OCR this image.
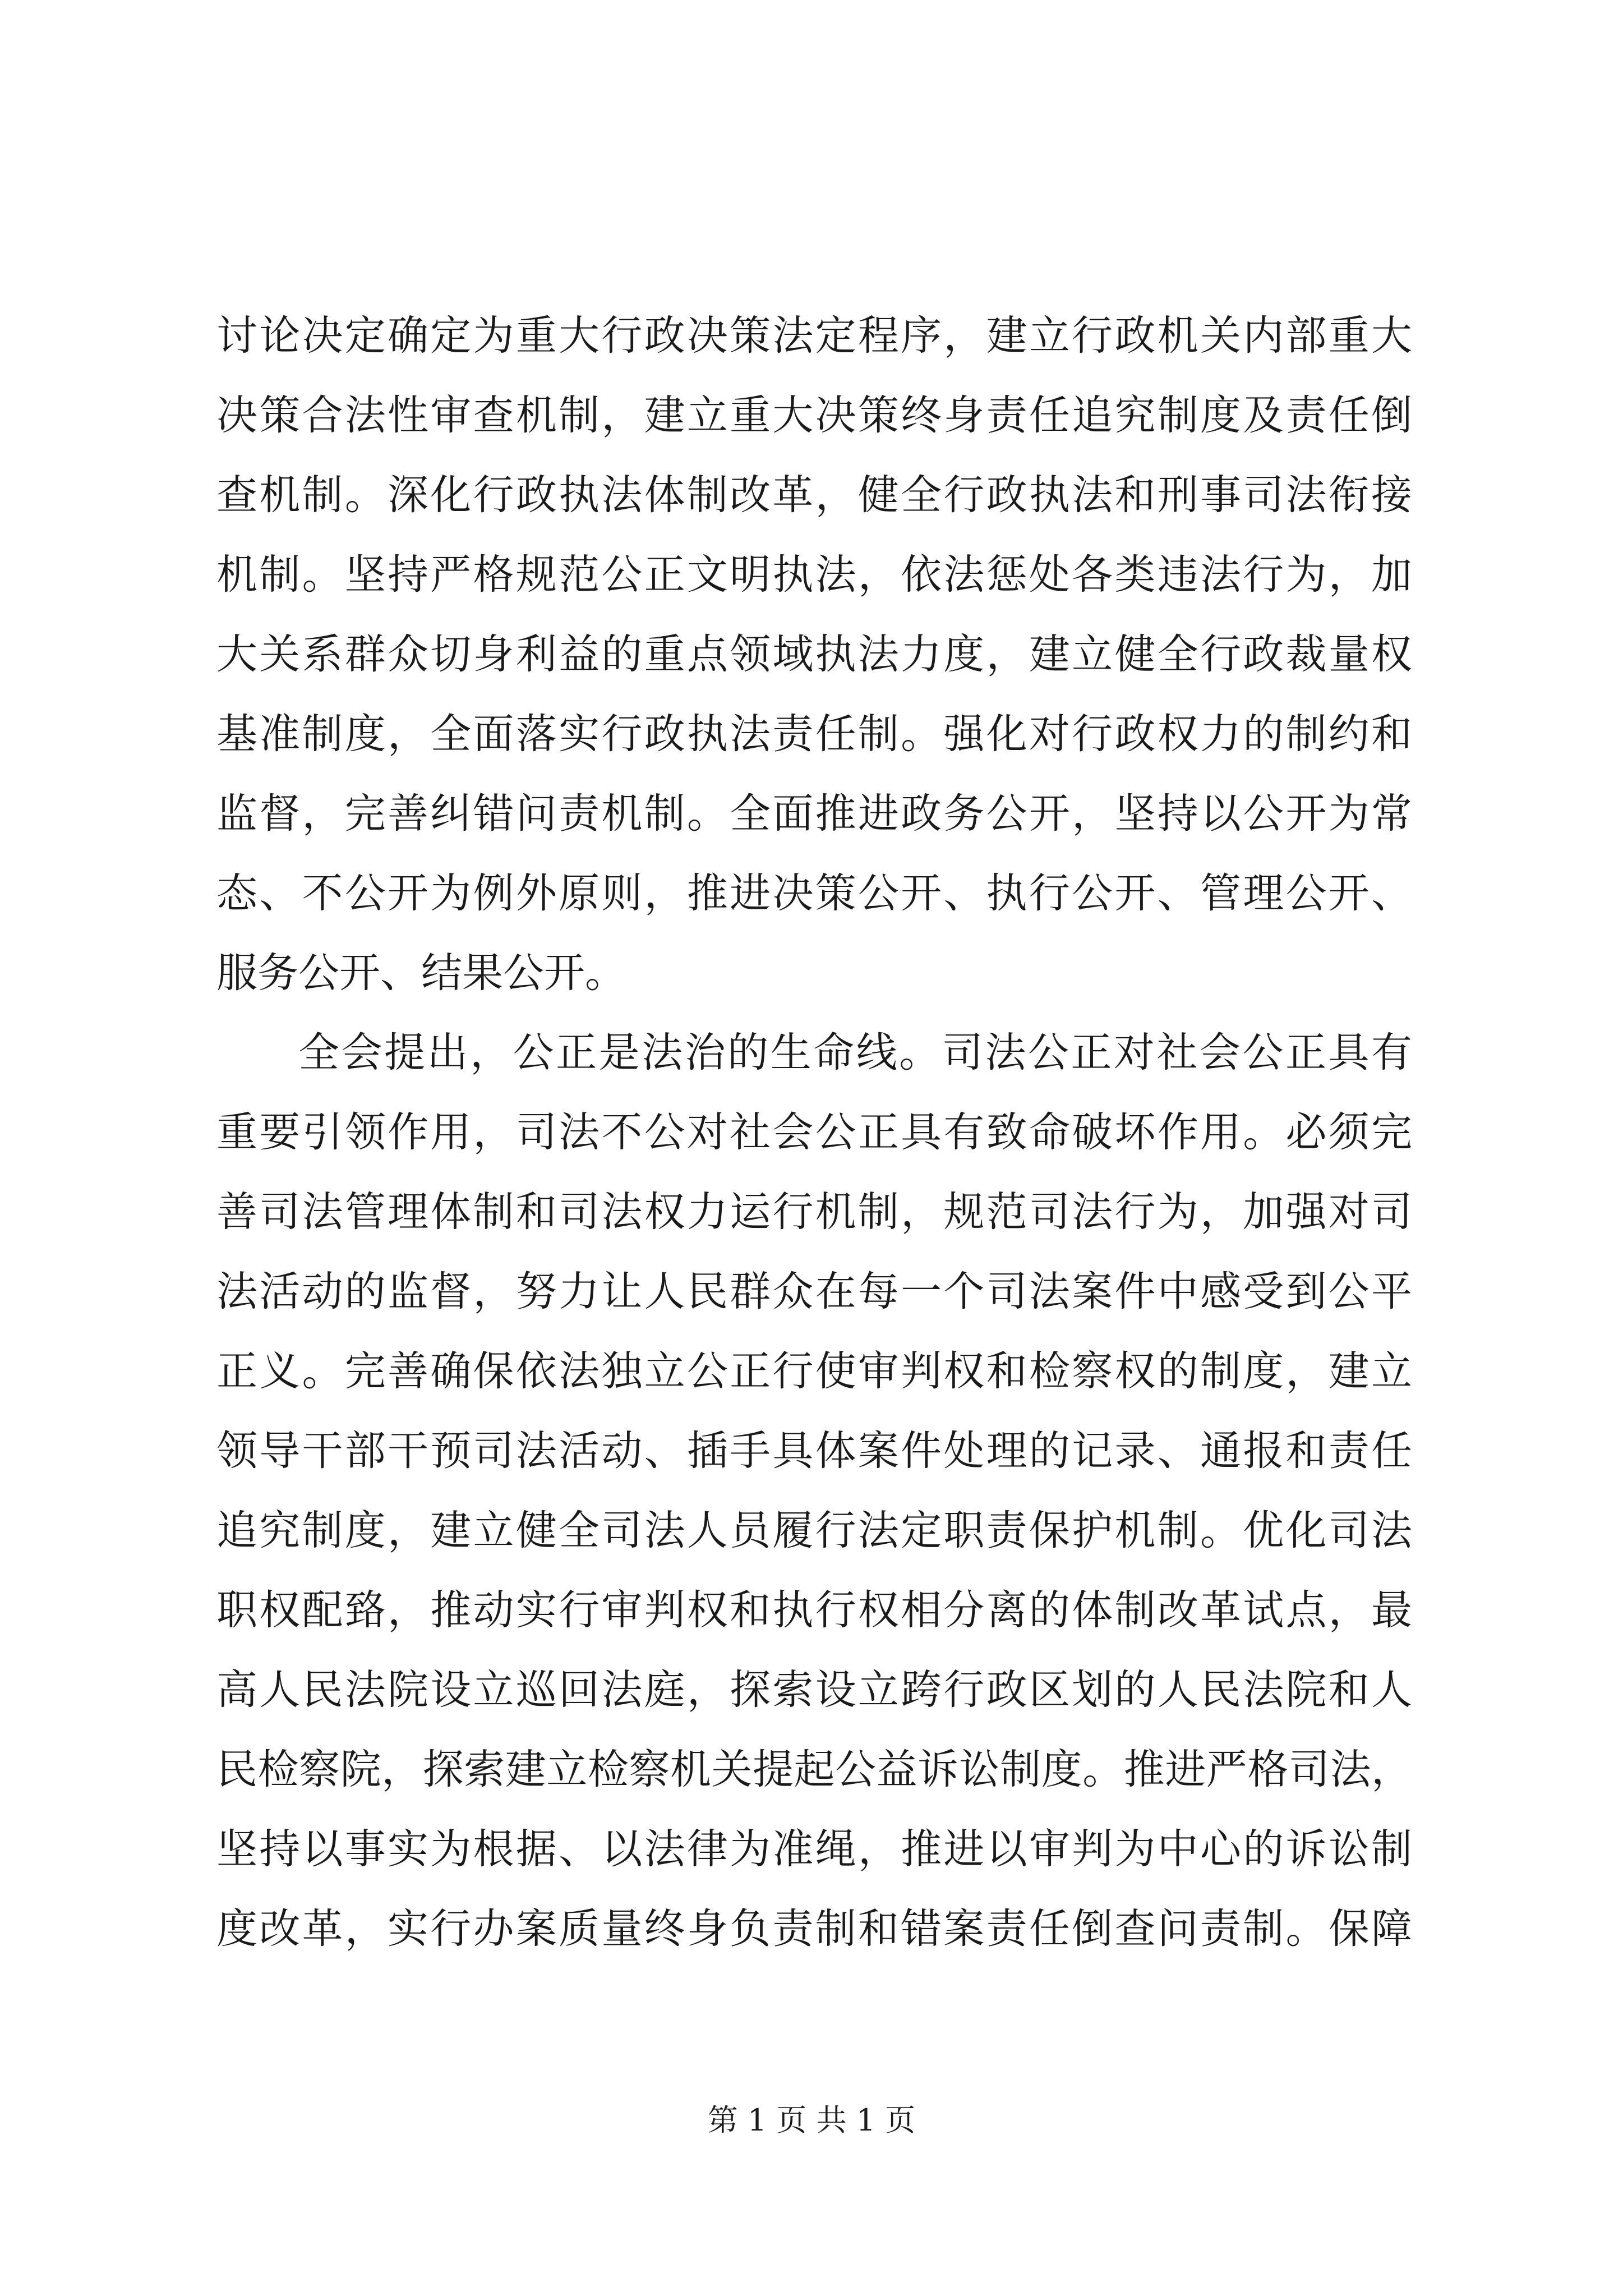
讨论决定确定为重大行政决策法定程序，建立行政机关内部重大
决策合法性审查机制，建立重大决策终身责任追究制度及责任倒
查机制。深化行政执法体制改革，健全行政执法和刑事司法衔接
机制。坚持严格规范公正文明执法，依法惩处各类违法行为，加
大关系群众切身利益的重点领域执法力度，建立健全行政裁量权
基准制度，全面落实行政执法责任制。强化对行政权力的制约和
监督，完善纠错问责机制。全面推进政务公开，坚持以公开为常
态、不公开为例外原则，推进决策公开、执行公开、管理公开、
服务公开、结果公开。
全会提出，公正是法治的生命线。司法公正对社会公正具有
重要引领作用，司法不公对社会公正具有致命破坏作用。必须完
善司法管理体制和司法权力运行机制，规范司法行为，加强对司
法活动的监督，努力让人民群众在每一个司法案件中感受到公平
正义。完善确保依法独立公正行使审判权和检察权的制度，建立
领导干部干预司法活动、插手具体案件处理的记录、通报和责任
追究制度，建立健全司法人员履行法定职责保护机制。优化司法
职权配臵，推动实行审判权和执行权相分离的体制改革试点，最
高人民法院设立巡回法庭，探索设立跨行政区划的人民法院和人
民检察院，探索建立检察机关提起公益诉讼制度。推进严格司法，
坚持以事实为根据、以法律为准绳，推进以审判为中心的诉讼制
度改革，实行办案质量终身负责制和错案责任倒查问责制。保障
第 1 页 共 1 页
